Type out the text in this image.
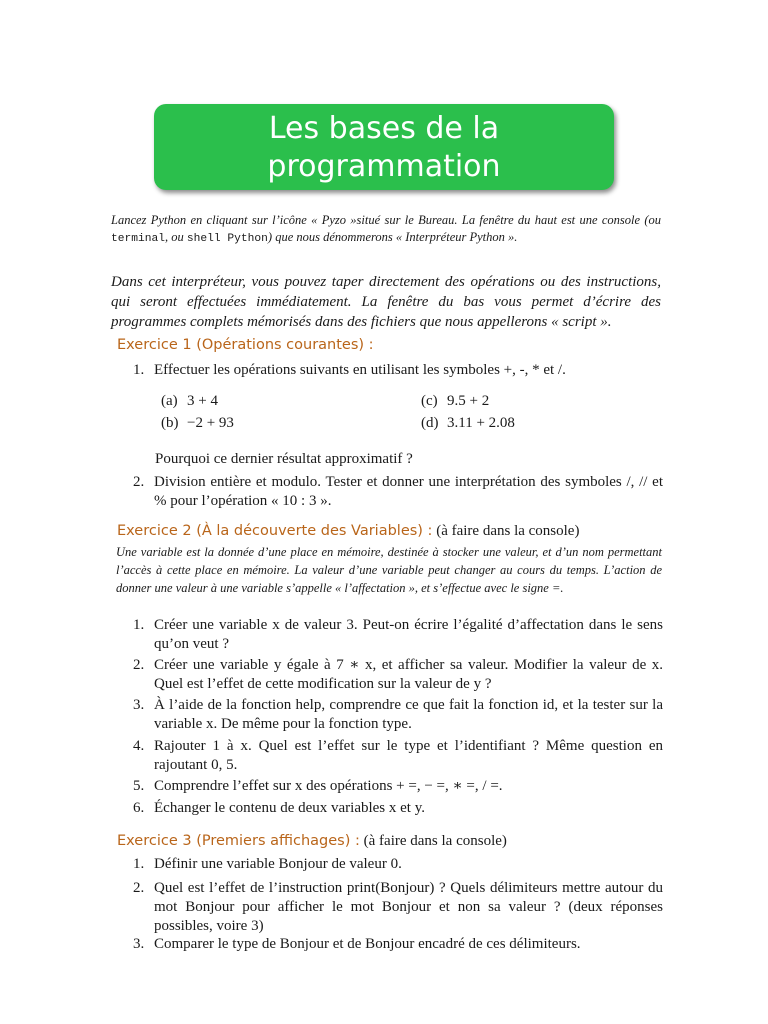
Les bases de la
programmation
Lancez Python en cliquant sur l’icône « Pyzo »situé sur le Bureau. La fenêtre du haut est une console (ou terminal, ou shell Python) que nous dénommerons « Interpréteur Python ».
Dans cet interpréteur, vous pouvez taper directement des opérations ou des instructions, qui seront effectuées immédiatement. La fenêtre du bas vous permet d’écrire des programmes complets mémorisés dans des fichiers que nous appellerons « script ».
Exercice 1 (Opérations courantes) :
1. Effectuer les opérations suivants en utilisant les symboles +, -, * et /.
(a) 3 + 4
(b) −2 + 93
(c) 9.5 + 2
(d) 3.11 + 2.08
Pourquoi ce dernier résultat approximatif ?
2. Division entière et modulo. Tester et donner une interprétation des symboles /, // et % pour l’opération « 10 : 3 ».
Exercice 2 (À la découverte des Variables) : (à faire dans la console)
Une variable est la donnée d’une place en mémoire, destinée à stocker une valeur, et d’un nom permettant l’accès à cette place en mémoire. La valeur d’une variable peut changer au cours du temps. L’action de donner une valeur à une variable s’appelle « l’affectation », et s’effectue avec le signe =.
1. Créer une variable x de valeur 3. Peut-on écrire l’égalité d’affectation dans le sens qu’on veut ?
2. Créer une variable y égale à 7 ∗ x, et afficher sa valeur. Modifier la valeur de x. Quel est l’effet de cette modification sur la valeur de y ?
3. À l’aide de la fonction help, comprendre ce que fait la fonction id, et la tester sur la variable x. De même pour la fonction type.
4. Rajouter 1 à x. Quel est l’effet sur le type et l’identifiant ? Même question en rajoutant 0, 5.
5. Comprendre l’effet sur x des opérations + =, − =, ∗ =, / =.
6. Échanger le contenu de deux variables x et y.
Exercice 3 (Premiers affichages) : (à faire dans la console)
1. Définir une variable Bonjour de valeur 0.
2. Quel est l’effet de l’instruction print(Bonjour) ? Quels délimiteurs mettre autour du mot Bonjour pour afficher le mot Bonjour et non sa valeur ? (deux réponses possibles, voire 3)
3. Comparer le type de Bonjour et de Bonjour encadré de ces délimiteurs.
